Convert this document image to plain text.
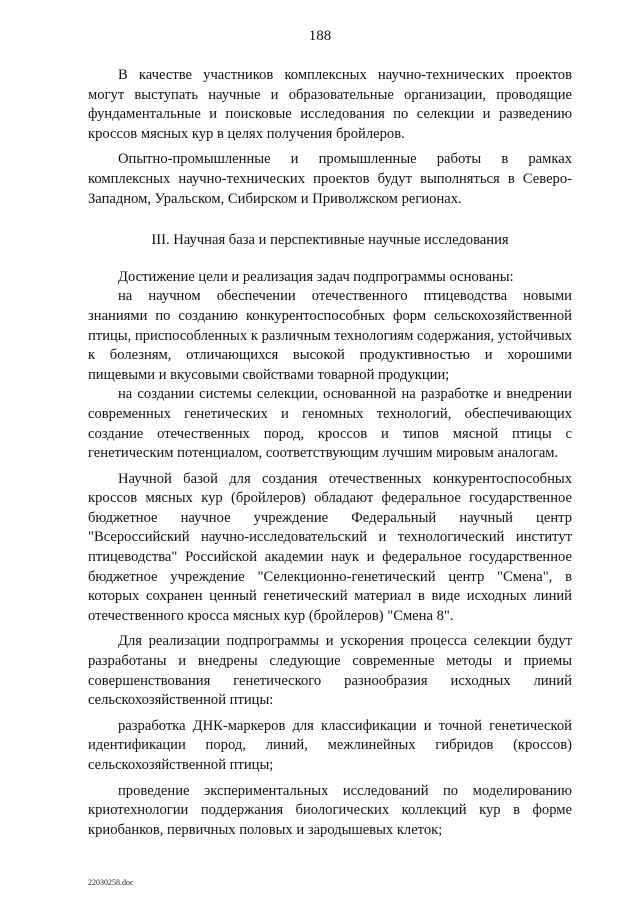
188

В качестве участников комплексных научно-технических проектов могут выступать научные и образовательные организации, проводящие фундаментальные и поисковые исследования по селекции и разведению кроссов мясных кур в целях получения бройлеров.

Опытно-промышленные и промышленные работы в рамках комплексных научно-технических проектов будут выполняться в Северо-Западном, Уральском, Сибирском и Приволжском регионах.

III. Научная база и перспективные научные исследования

Достижение цели и реализация задач подпрограммы основаны:

на научном обеспечении отечественного птицеводства новыми знаниями по созданию конкурентоспособных форм сельскохозяйственной птицы, приспособленных к различным технологиям содержания, устойчивых к болезням, отличающихся высокой продуктивностью и хорошими пищевыми и вкусовыми свойствами товарной продукции;

на создании системы селекции, основанной на разработке и внедрении современных генетических и геномных технологий, обеспечивающих создание отечественных пород, кроссов и типов мясной птицы с генетическим потенциалом, соответствующим лучшим мировым аналогам.

Научной базой для создания отечественных конкурентоспособных кроссов мясных кур (бройлеров) обладают федеральное государственное бюджетное научное учреждение Федеральный научный центр "Всероссийский научно-исследовательский и технологический институт птицеводства" Российской академии наук и федеральное государственное бюджетное учреждение "Селекционно-генетический центр "Смена", в которых сохранен ценный генетический материал в виде исходных линий отечественного кросса мясных кур (бройлеров) "Смена 8".

Для реализации подпрограммы и ускорения процесса селекции будут разработаны и внедрены следующие современные методы и приемы совершенствования генетического разнообразия исходных линий сельскохозяйственной птицы:

разработка ДНК-маркеров для классификации и точной генетической идентификации пород, линий, межлинейных гибридов (кроссов) сельскохозяйственной птицы;

проведение экспериментальных исследований по моделированию криотехнологии поддержания биологических коллекций кур в форме криобанков, первичных половых и зародышевых клеток;

22030258.doc
